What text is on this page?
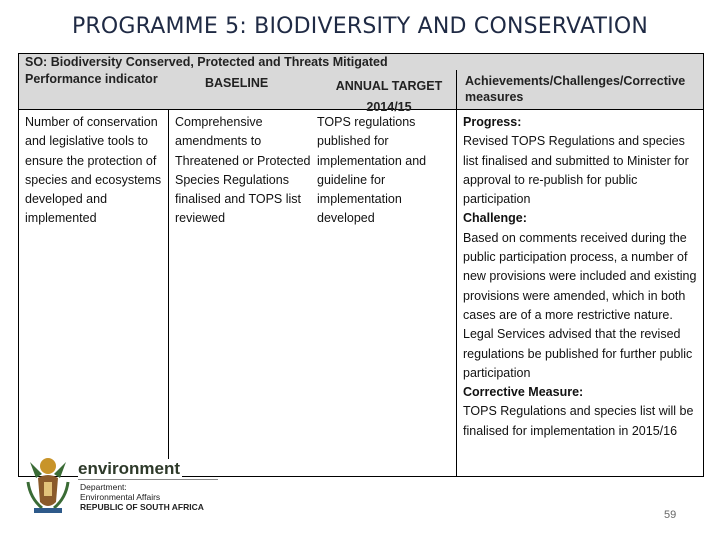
PROGRAMME 5: BIODIVERSITY AND CONSERVATION
SO: Biodiversity Conserved, Protected and Threats Mitigated
Performance indicator	BASELINE	ANNUAL TARGET 2014/15
Achievements/Challenges/Corrective measures
Number of conservation and legislative tools to ensure the protection of species and ecosystems developed and implemented
Comprehensive amendments to Threatened or Protected Species Regulations finalised and TOPS list reviewed
TOPS regulations published for implementation and guideline for implementation developed
Progress:
Revised TOPS Regulations and species list finalised and submitted to Minister for approval to re-publish for public participation
Challenge:
Based on comments received during the public participation process, a number of new provisions were included and existing provisions were amended, which in both cases are of a more restrictive nature. Legal Services advised that the revised regulations be published for further public participation
Corrective Measure:
TOPS Regulations and species list will be finalised for implementation in 2015/16
environment
Department:
Environmental Affairs
REPUBLIC OF SOUTH AFRICA
59
